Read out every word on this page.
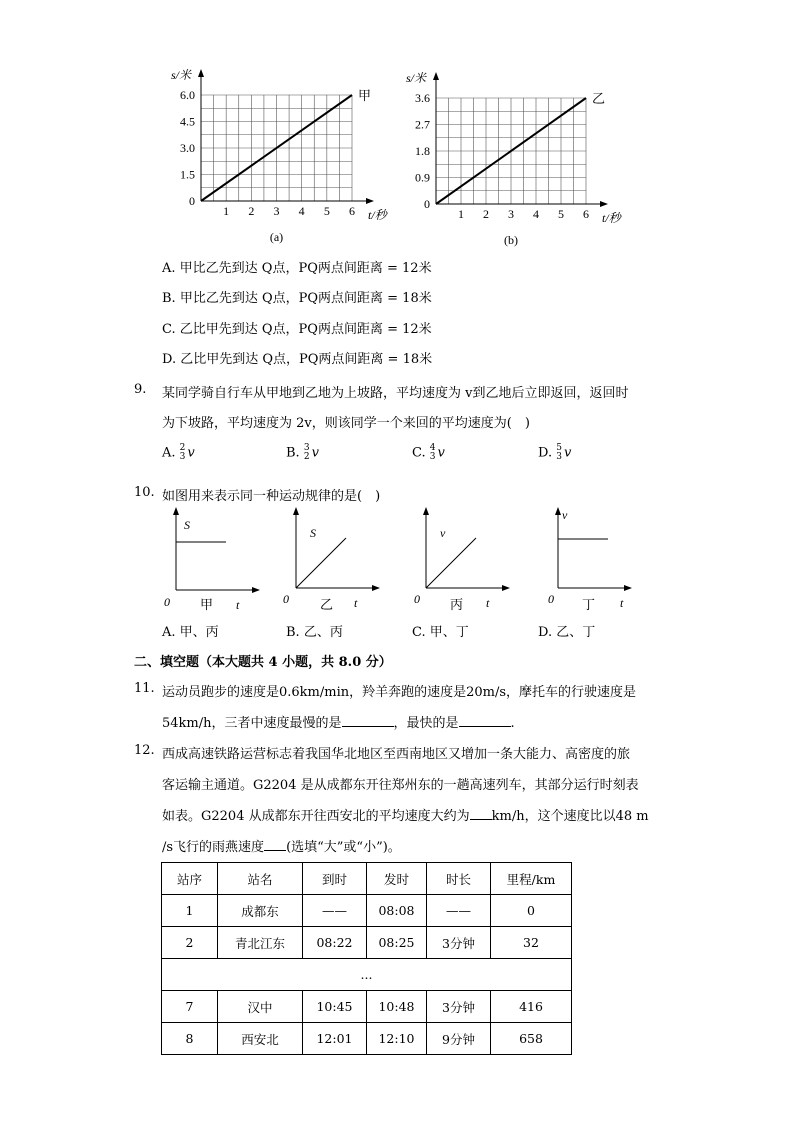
6.0
4.5
3.0
1.5
0
1 2 3 4 5 6
s/米
t/秒
甲
(a)
3.6
2.7
1.8
0.9
0
1 2 3 4 5 6
s/米
t/秒
乙
(b)
A. 甲比乙先到达 Q点，PQ两点间距离 = 12米
B. 甲比乙先到达 Q点，PQ两点间距离 = 18米
C. 乙比甲先到达 Q点，PQ两点间距离 = 12米
D. 乙比甲先到达 Q点，PQ两点间距离 = 18米
9. 某同学骑自行车从甲地到乙地为上坡路，平均速度为 v到乙地后立即返回，返回时
为下坡路，平均速度为 2v，则该同学一个来回的平均速度为(　)
A. 2
3 v	B. 3
2 v	C. 4
3 v	D. 5
3 v
10. 如图用来表示同一种运动规律的是(　)
S
t
0 甲
S
t
0 乙
v
t
0 丙
v
t
0 丁
A. 甲、丙	B. 乙、丙	C. 甲、丁	D. 乙、丁
二、填空题（本大题共 4 小题，共 8.0 分）
11. 运动员跑步的速度是0.6km/min，羚羊奔跑的速度是20m/s，摩托车的行驶速度是
54km/h，三者中速度最慢的是	，最快的是	.
12. 西成高速铁路运营标志着我国华北地区至西南地区又增加一条大能力、高密度的旅
客运输主通道。G2204 是从成都东开往郑州东的一趟高速列车，其部分运行时刻表
如表。G2204 从成都东开往西安北的平均速度大约为 km/h，这个速度比以48 m
/s飞行的雨燕速度 (选填“大”或“小”)。
站序	站名	到时	发时	时长	里程/km
1	成都东	——	08:08	——	0
2	青北江东	08:22	08:25	3分钟	32
...					
7	汉中	10:45	10:48	3分钟	416
8	西安北	12:01	12:10	9分钟	658
